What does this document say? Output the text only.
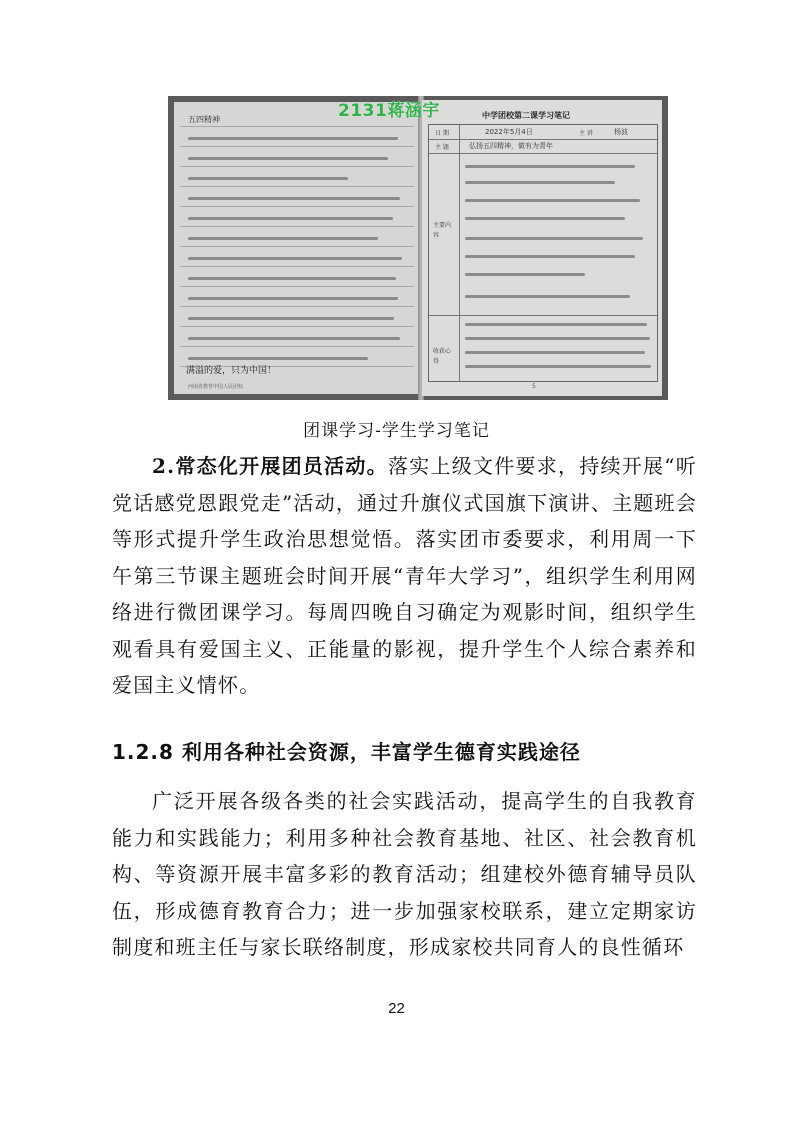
五四精神
满溢的爱，只为中国！
河南省教育中国人民团校
中学团校第二课学习笔记
日 期	2022年5月4日	主 讲	杨波
主 题	弘扬五四精神，做有为青年
主要内容
收获心得
5
2131蒋涵宇
团课学习-学生学习笔记

2.常态化开展团员活动。落实上级文件要求，持续开展“听党话感党恩跟党走”活动，通过升旗仪式国旗下演讲、主题班会等形式提升学生政治思想觉悟。落实团市委要求，利用周一下午第三节课主题班会时间开展“青年大学习”，组织学生利用网络进行微团课学习。每周四晚自习确定为观影时间，组织学生观看具有爱国主义、正能量的影视，提升学生个人综合素养和爱国主义情怀。

1.2.8 利用各种社会资源，丰富学生德育实践途径

广泛开展各级各类的社会实践活动，提高学生的自我教育能力和实践能力；利用多种社会教育基地、社区、社会教育机构、等资源开展丰富多彩的教育活动；组建校外德育辅导员队伍，形成德育教育合力；进一步加强家校联系，建立定期家访制度和班主任与家长联络制度，形成家校共同育人的良性循环

22
